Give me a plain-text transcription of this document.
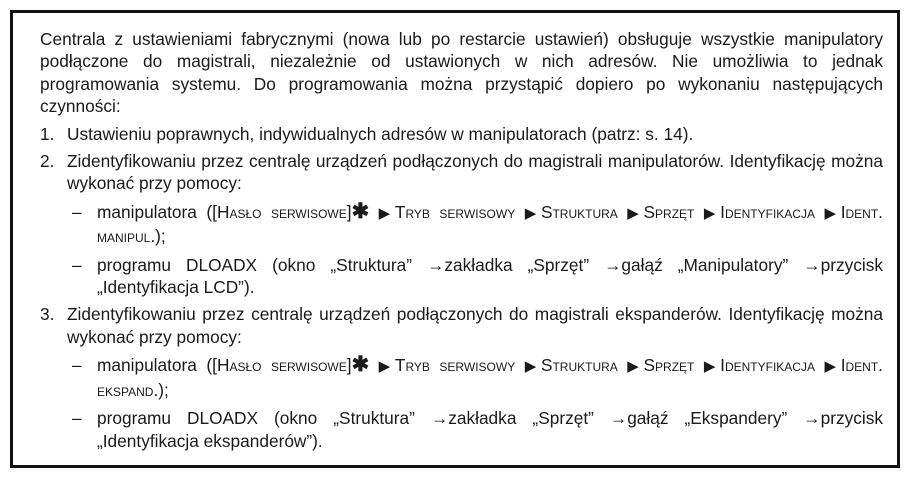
Centrala z ustawieniami fabrycznymi (nowa lub po restarcie ustawień) obsługuje wszystkie manipulatory podłączone do magistrali, niezależnie od ustawionych w nich adresów. Nie umożliwia to jednak programowania systemu. Do programowania można przystąpić dopiero po wykonaniu następujących czynności:

1. Ustawieniu poprawnych, indywidualnych adresów w manipulatorach (patrz: s. 14).

2. Zidentyfikowaniu przez centralę urządzeń podłączonych do magistrali manipulatorów. Identyfikację można wykonać przy pomocy:

– manipulatora ([Hasło serwisowe]✱ ▶Tryb serwisowy ▶Struktura ▶Sprzęt ▶Identyfikacja ▶Ident. manipul.);

– programu DLOADX (okno „Struktura” →zakładka „Sprzęt” →gałąź „Manipulatory” →przycisk „Identyfikacja LCD”).

3. Zidentyfikowaniu przez centralę urządzeń podłączonych do magistrali ekspanderów. Identyfikację można wykonać przy pomocy:

– manipulatora ([Hasło serwisowe]✱ ▶Tryb serwisowy ▶Struktura ▶Sprzęt ▶Identyfikacja ▶Ident. ekspand.);

– programu DLOADX (okno „Struktura” →zakładka „Sprzęt” →gałąź „Ekspandery” →przycisk „Identyfikacja ekspanderów”).
